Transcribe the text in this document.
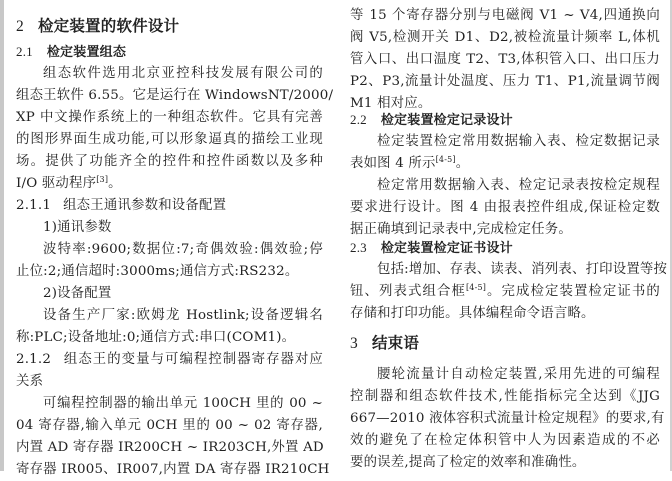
2 检定装置的软件设计
2.1 检定装置组态
组态软件选用北京亚控科技发展有限公司的
组态王软件 6.55。它是运行在 WindowsNT/2000/
XP 中文操作系统上的一种组态软件。它具有完善
的图形界面生成功能,可以形象逼真的描绘工业现
场。提供了功能齐全的控件和控件函数以及多种
I/O 驱动程序[3]。
2.1.1 组态王通讯参数和设备配置
1)通讯参数
波特率:9600;数据位:7;奇偶效验:偶效验;停
止位:2;通信超时:3000ms;通信方式:RS232。
2)设备配置
设备生产厂家:欧姆龙 Hostlink;设备逻辑名
称:PLC;设备地址:0;通信方式:串口(COM1)。
2.1.2 组态王的变量与可编程控制器寄存器对应
关系
可编程控制器的输出单元 100CH 里的 00 ~
04 寄存器,输入单元 0CH 里的 00 ~ 02 寄存器,
内置 AD 寄存器 IR200CH ~ IR203CH,外置 AD
寄存器 IR005、IR007,内置 DA 寄存器 IR210CH
等 15 个寄存器分别与电磁阀 V1 ~ V4,四通换向
阀 V5,检测开关 D1、D2,被检流量计频率 L,体机
管入口、出口温度 T2、T3,体积管入口、出口压力
P2、P3,流量计处温度、压力 T1、P1,流量调节阀
M1 相对应。
2.2 检定装置检定记录设计
检定装置检定常用数据输入表、检定数据记录
表如图 4 所示[4-5]。
检定常用数据输入表、检定记录表按检定规程
要求进行设计。图 4 由报表控件组成,保证检定数
据正确填到记录表中,完成检定任务。
2.3 检定装置检定证书设计
包括:增加、存表、读表、消列表、打印设置等按
钮、列表式组合框[4-5]。完成检定装置检定证书的
存储和打印功能。具体编程命令语言略。
3 结束语
腰轮流量计自动检定装置,采用先进的可编程
控制器和组态软件技术,性能指标完全达到《JJG
667—2010 液体容积式流量计检定规程》的要求,有
效的避免了在检定体积管中人为因素造成的不必
要的误差,提高了检定的效率和准确性。
